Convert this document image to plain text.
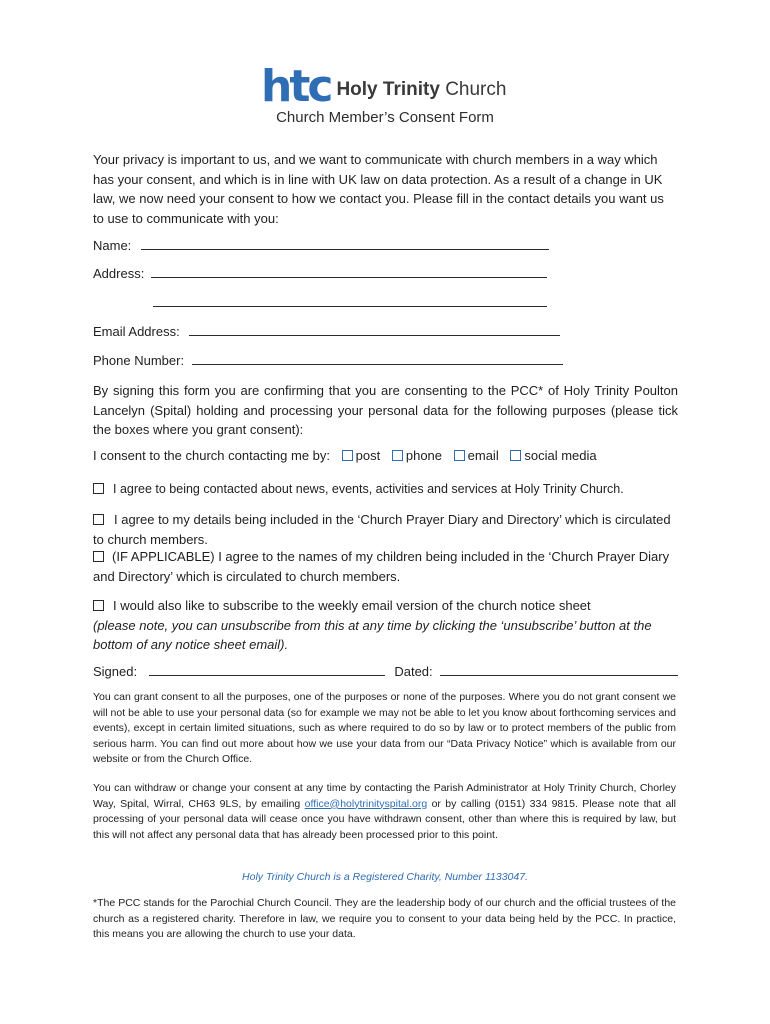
htc Holy Trinity Church
Church Member’s Consent Form
Your privacy is important to us, and we want to communicate with church members in a way which has your consent, and which is in line with UK law on data protection. As a result of a change in UK law, we now need your consent to how we contact you. Please fill in the contact details you want us to use to communicate with you:
Name:
Address:
Email Address:
Phone Number:
By signing this form you are confirming that you are consenting to the PCC* of Holy Trinity Poulton Lancelyn (Spital) holding and processing your personal data for the following purposes (please tick the boxes where you grant consent):
I consent to the church contacting me by: post phone email social media
I agree to being contacted about news, events, activities and services at Holy Trinity Church.
I agree to my details being included in the ‘Church Prayer Diary and Directory’ which is circulated to church members.
(IF APPLICABLE) I agree to the names of my children being included in the ‘Church Prayer Diary and Directory’ which is circulated to church members.
I would also like to subscribe to the weekly email version of the church notice sheet
(please note, you can unsubscribe from this at any time by clicking the ‘unsubscribe’ button at the bottom of any notice sheet email).
Signed:	Dated:
You can grant consent to all the purposes, one of the purposes or none of the purposes. Where you do not grant consent we will not be able to use your personal data (so for example we may not be able to let you know about forthcoming services and events), except in certain limited situations, such as where required to do so by law or to protect members of the public from serious harm. You can find out more about how we use your data from our “Data Privacy Notice” which is available from our website or from the Church Office.
You can withdraw or change your consent at any time by contacting the Parish Administrator at Holy Trinity Church, Chorley Way, Spital, Wirral, CH63 9LS, by emailing office@holytrinityspital.org or by calling (0151) 334 9815. Please note that all processing of your personal data will cease once you have withdrawn consent, other than where this is required by law, but this will not affect any personal data that has already been processed prior to this point.
Holy Trinity Church is a Registered Charity, Number 1133047.
*The PCC stands for the Parochial Church Council. They are the leadership body of our church and the official trustees of the church as a registered charity. Therefore in law, we require you to consent to your data being held by the PCC. In practice, this means you are allowing the church to use your data.
